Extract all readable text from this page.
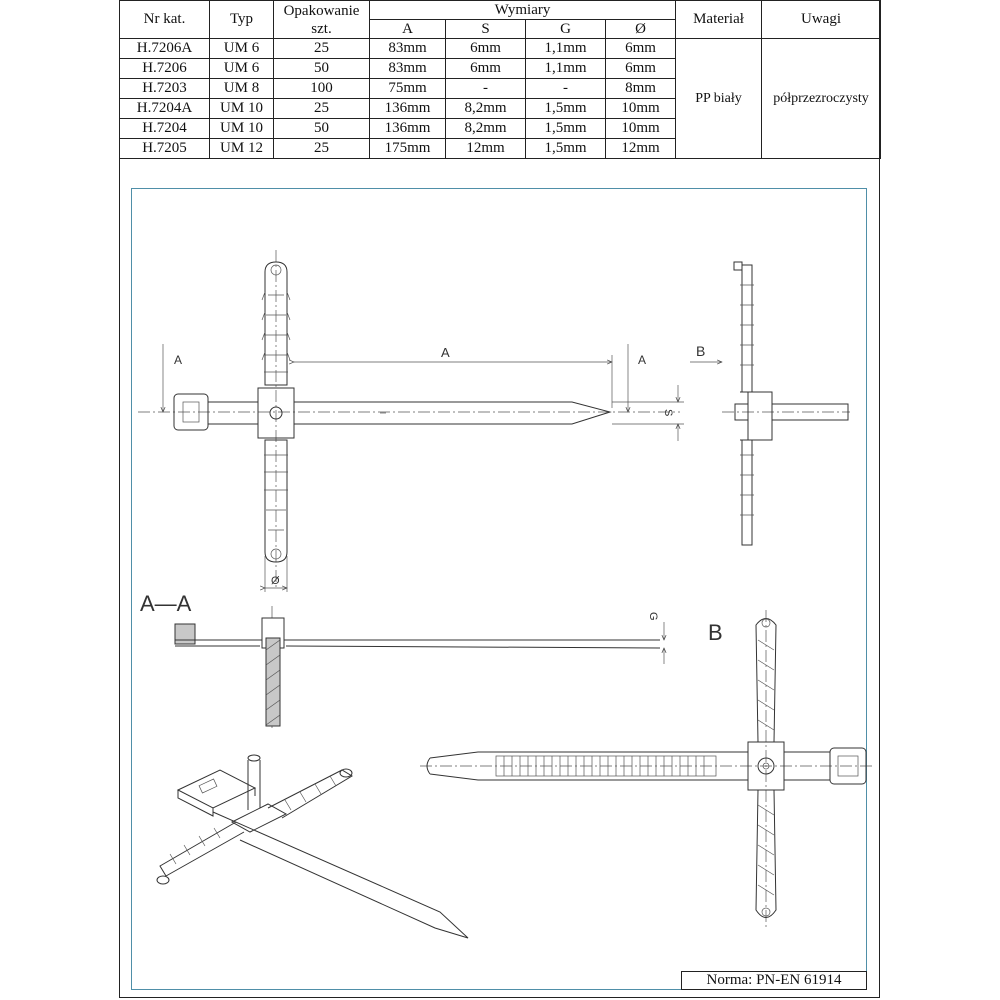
Nr kat.	Typ	Opakowanie szt.	Wymiary				Materiał	Uwagi
			A	S	G	Ø		
H.7206A	UM 6	25	83mm	6mm	1,1mm	6mm	PP biały	półprzezroczysty
H.7206	UM 6	50	83mm	6mm	1,1mm	6mm		
H.7203	UM 8	100	75mm	-	-	8mm		
H.7204A	UM 10	25	136mm	8,2mm	1,5mm	10mm		
H.7204	UM 10	50	136mm	8,2mm	1,5mm	10mm		
H.7205	UM 12	25	175mm	12mm	1,5mm	12mm		
A
A	A
S
Ø
B
A—A
G
B
Norma: PN-EN 61914
